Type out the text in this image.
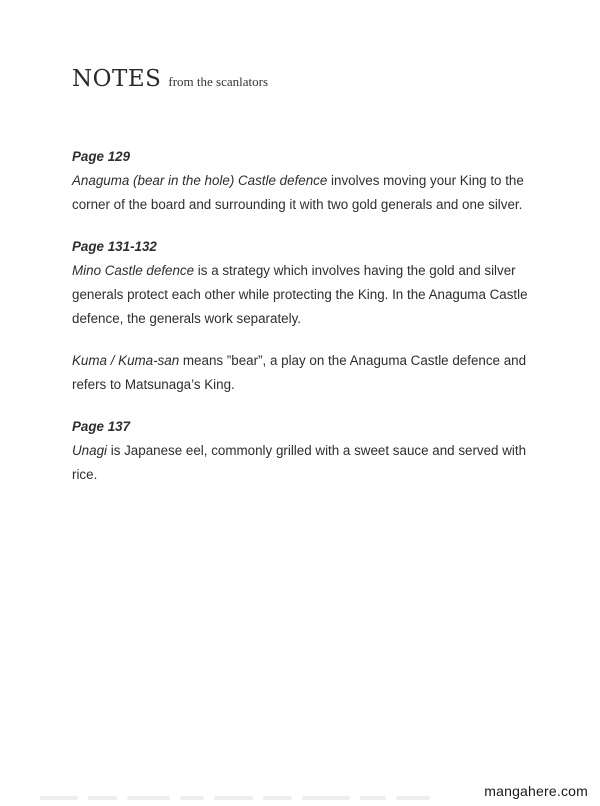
NOTES from the scanlators

Page 129

Anaguma (bear in the hole) Castle defence involves moving your King to the corner of the board and surrounding it with two gold generals and one silver.

Page 131-132

Mino Castle defence is a strategy which involves having the gold and silver generals protect each other while protecting the King. In the Anaguma Castle defence, the generals work separately.

Kuma / Kuma-san means ”bear”, a play on the Anaguma Castle defence and refers to Matsunaga’s King.

Page 137

Unagi is Japanese eel, commonly grilled with a sweet sauce and served with rice.

mangahere.com
